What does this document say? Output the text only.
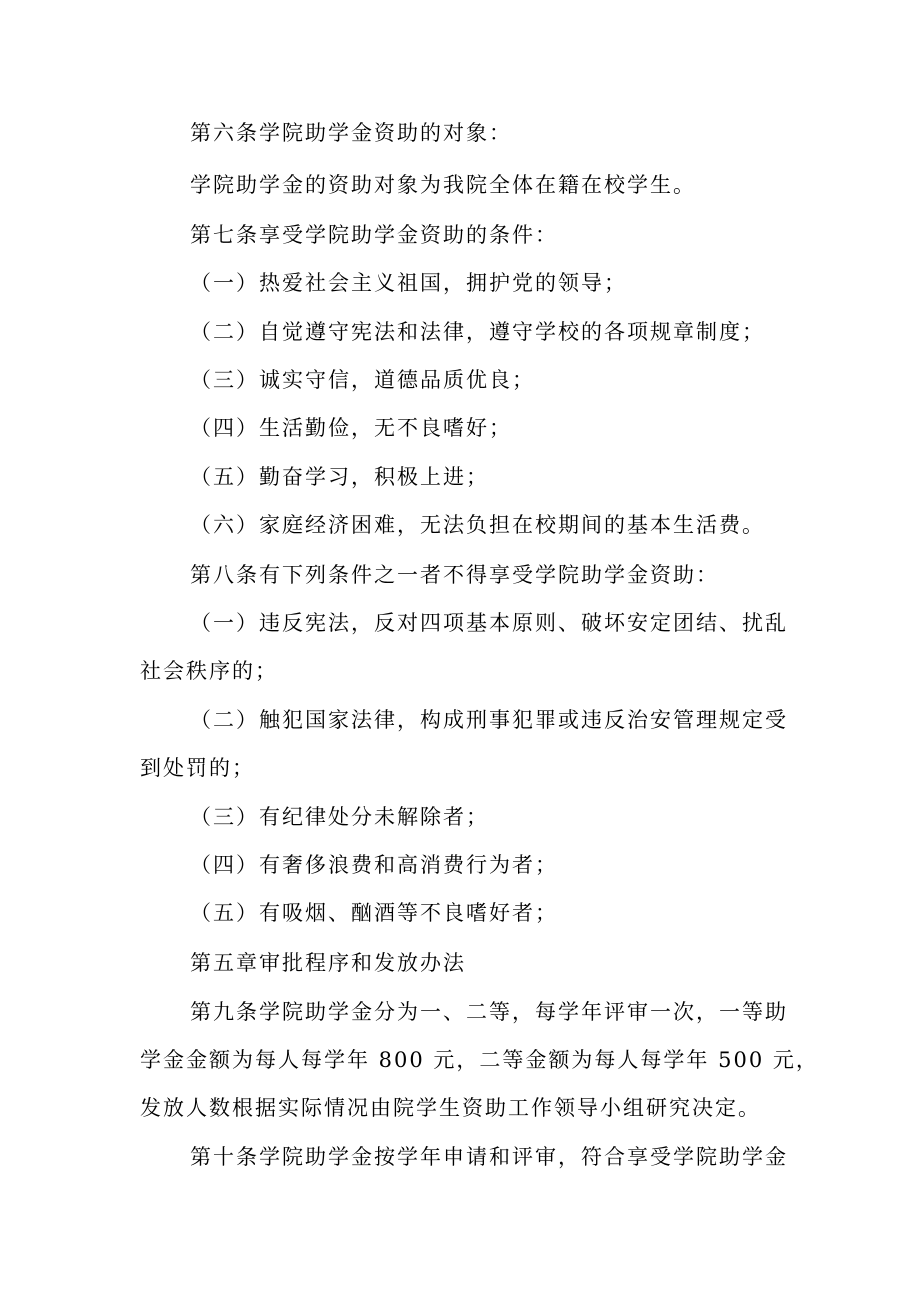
第六条学院助学金资助的对象：
学院助学金的资助对象为我院全体在籍在校学生。
第七条享受学院助学金资助的条件：
（一）热爱社会主义祖国，拥护党的领导；
（二）自觉遵守宪法和法律，遵守学校的各项规章制度；
（三）诚实守信，道德品质优良；
（四）生活勤俭，无不良嗜好；
（五）勤奋学习，积极上进；
（六）家庭经济困难，无法负担在校期间的基本生活费。
第八条有下列条件之一者不得享受学院助学金资助：
（一）违反宪法，反对四项基本原则、破坏安定团结、扰乱
社会秩序的；
（二）触犯国家法律，构成刑事犯罪或违反治安管理规定受
到处罚的；
（三）有纪律处分未解除者；
（四）有奢侈浪费和高消费行为者；
（五）有吸烟、酗酒等不良嗜好者；
第五章审批程序和发放办法
第九条学院助学金分为一、二等，每学年评审一次，一等助
学金金额为每人每学年 800 元，二等金额为每人每学年 500 元，
发放人数根据实际情况由院学生资助工作领导小组研究决定。
第十条学院助学金按学年申请和评审，符合享受学院助学金
